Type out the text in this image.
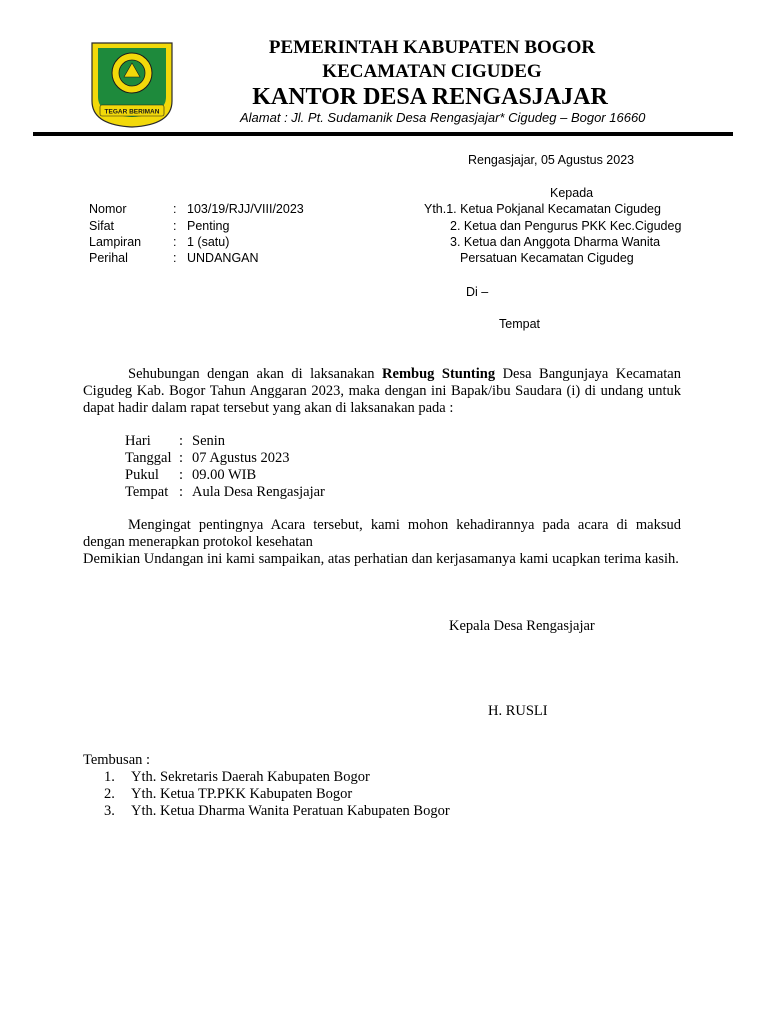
TEGAR BERIMAN
PEMERINTAH KABUPATEN BOGOR
KECAMATAN CIGUDEG
KANTOR DESA RENGASJAJAR
Alamat : Jl. Pt. Sudamanik Desa Rengasjajar* Cigudeg – Bogor 16660
Rengasjajar, 05 Agustus 2023
Nomor	: 103/19/RJJ/VIII/2023
Sifat	: Penting
Lampiran	: 1 (satu)
Perihal	: UNDANGAN
Kepada
Yth.1. Ketua Pokjanal Kecamatan Cigudeg
2. Ketua dan Pengurus PKK Kec.Cigudeg
3. Ketua dan Anggota Dharma Wanita
Persatuan Kecamatan Cigudeg
Di –
Tempat
Sehubungan dengan akan di laksanakan Rembug Stunting Desa Bangunjaya Kecamatan Cigudeg Kab. Bogor Tahun Anggaran 2023, maka dengan ini Bapak/ibu Saudara (i) di undang untuk dapat hadir dalam rapat tersebut yang akan di laksanakan pada :
Hari : Senin
Tanggal : 07 Agustus 2023
Pukul : 09.00 WIB
Tempat : Aula Desa Rengasjajar
Mengingat pentingnya Acara tersebut, kami mohon kehadirannya pada acara di maksud dengan menerapkan protokol kesehatan
Demikian Undangan ini kami sampaikan, atas perhatian dan kerjasamanya kami ucapkan terima kasih.
Kepala Desa Rengasjajar
H. RUSLI
Tembusan :
1. Yth. Sekretaris Daerah Kabupaten Bogor
2. Yth. Ketua TP.PKK Kabupaten Bogor
3. Yth. Ketua Dharma Wanita Peratuan Kabupaten Bogor
